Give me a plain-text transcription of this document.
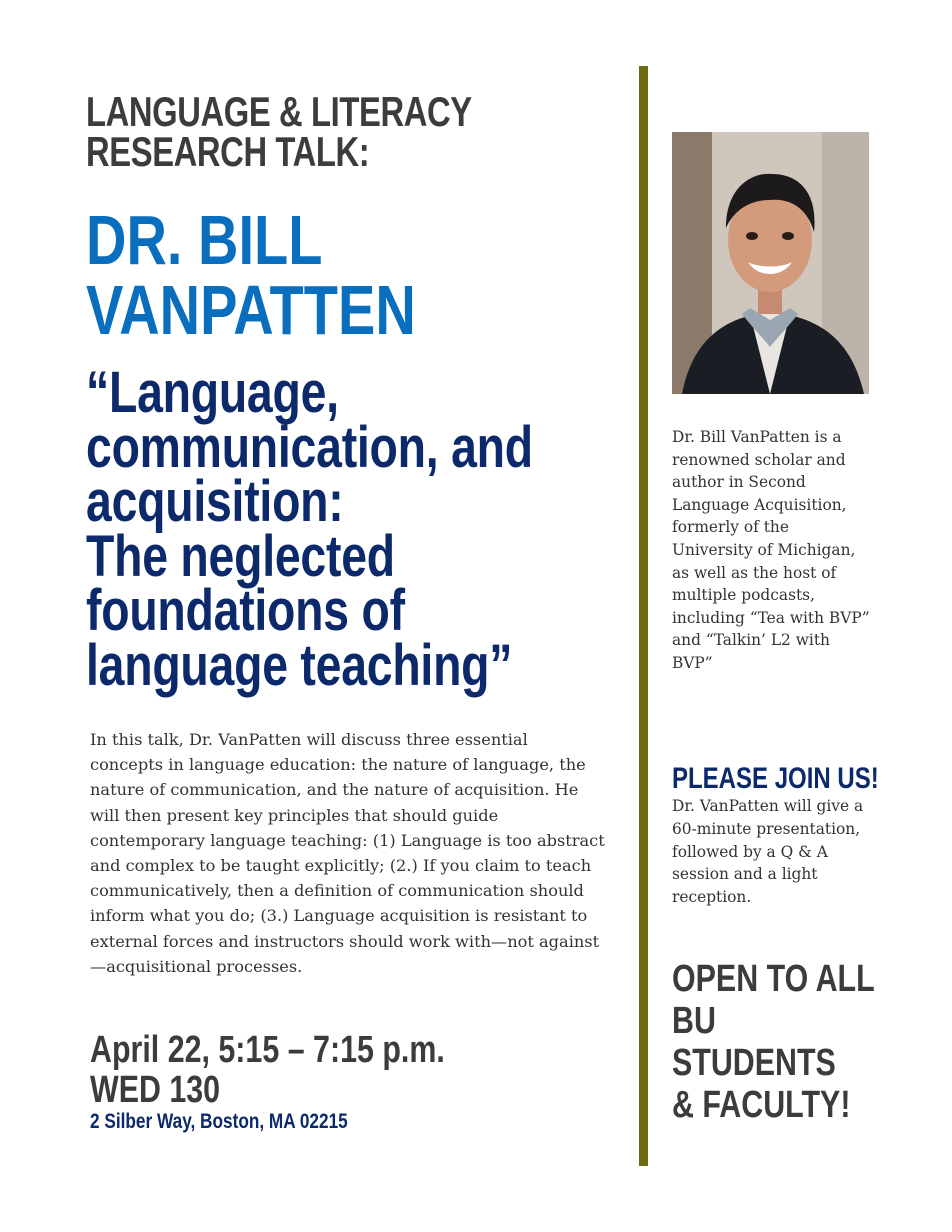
LANGUAGE & LITERACY
RESEARCH TALK:
DR. BILL
VANPATTEN
“Language,
communication, and
acquisition:
The neglected
foundations of
language teaching”
In this talk, Dr. VanPatten will discuss three essential concepts in language education: the nature of language, the nature of communication, and the nature of acquisition. He will then present key principles that should guide contemporary language teaching: (1) Language is too abstract and complex to be taught explicitly; (2.) If you claim to teach communicatively, then a definition of communication should inform what you do; (3.) Language acquisition is resistant to external forces and instructors should work with—not against—acquisitional processes.
April 22, 5:15 – 7:15 p.m.
WED 130
2 Silber Way, Boston, MA 02215
Dr. Bill VanPatten is a renowned scholar and author in Second Language Acquisition, formerly of the University of Michigan, as well as the host of multiple podcasts, including “Tea with BVP” and “Talkin’ L2 with BVP”
PLEASE JOIN US!
Dr. VanPatten will give a 60-minute presentation, followed by a Q & A session and a light reception.
OPEN TO ALL
BU
STUDENTS
& FACULTY!
